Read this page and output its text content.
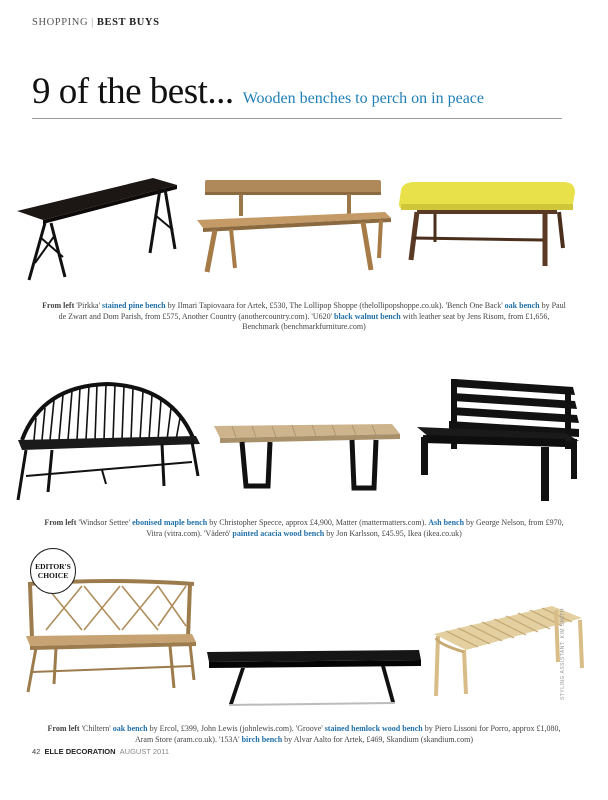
SHOPPING | BEST BUYS
9 of the best... Wooden benches to perch on in peace
From left 'Pirkka' stained pine bench by Ilmari Tapiovaara for Artek, £530, The Lollipop Shoppe (thelollipopshoppe.co.uk). 'Bench One Back' oak bench by Paul de Zwart and Dom Parish, from £575, Another Country (anothercountry.com). 'U620' black walnut bench with leather seat by Jens Risom, from £1,656, Benchmark (benchmarkfurniture.com)
From left 'Windsor Settee' ebonised maple bench by Christopher Specce, approx £4,900, Matter (mattermatters.com). Ash bench by George Nelson, from £970, Vitra (vitra.com). 'Väderö' painted acacia wood bench by Jon Karlsson, £45.95, Ikea (ikea.co.uk)
EDITOR'S
CHOICE
From left 'Chiltern' oak bench by Ercol, £399, John Lewis (johnlewis.com). 'Groove' stained hemlock wood bench by Piero Lissoni for Porro, approx £1,080, Aram Store (aram.co.uk). '153A' birch bench by Alvar Aalto for Artek, £469, Skandium (skandium.com)
STYLING ASSISTANT: KIM SMITH
42 ELLE DECORATION AUGUST 2011
